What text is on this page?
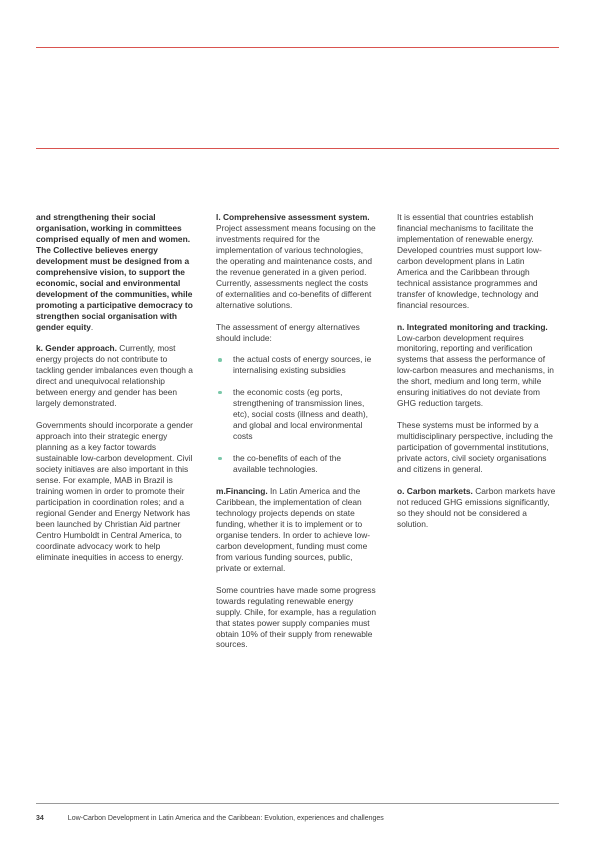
and strengthening their social organisation, working in committees comprised equally of men and women. The Collective believes energy development must be designed from a comprehensive vision, to support the economic, social and environmental development of the communities, while promoting a participative democracy to strengthen social organisation with gender equity.

k. Gender approach. Currently, most energy projects do not contribute to tackling gender imbalances even though a direct and unequivocal relationship between energy and gender has been largely demonstrated.

Governments should incorporate a gender approach into their strategic energy planning as a key factor towards sustainable low-carbon development. Civil society initiaves are also important in this sense. For example, MAB in Brazil is training women in order to promote their participation in coordination roles; and a regional Gender and Energy Network has been launched by Christian Aid partner Centro Humboldt in Central America, to coordinate advocacy work to help eliminate inequities in access to energy.

l. Comprehensive assessment system. Project assessment means focusing on the investments required for the implementation of various technologies, the operating and maintenance costs, and the revenue generated in a given period. Currently, assessments neglect the costs of externalities and co-benefits of different alternative solutions.

The assessment of energy alternatives should include:

the actual costs of energy sources, ie internalising existing subsidies
the economic costs (eg ports, strengthening of transmission lines, etc), social costs (illness and death), and global and local environmental costs
the co-benefits of each of the available technologies.

m.Financing. In Latin America and the Caribbean, the implementation of clean technology projects depends on state funding, whether it is to implement or to organise tenders. In order to achieve low-carbon development, funding must come from various funding sources, public, private or external.

Some countries have made some progress towards regulating renewable energy supply. Chile, for example, has a regulation that states power supply companies must obtain 10% of their supply from renewable sources.

It is essential that countries establish financial mechanisms to facilitate the implementation of renewable energy. Developed countries must support low-carbon development plans in Latin America and the Caribbean through technical assistance programmes and transfer of knowledge, technology and financial resources.

n. Integrated monitoring and tracking. Low-carbon development requires monitoring, reporting and verification systems that assess the performance of low-carbon measures and mechanisms, in the short, medium and long term, while ensuring initiatives do not deviate from GHG reduction targets.

These systems must be informed by a multidisciplinary perspective, including the participation of governmental institutions, private actors, civil society organisations and citizens in general.

o. Carbon markets. Carbon markets have not reduced GHG emissions significantly, so they should not be considered a solution.

34	Low-Carbon Development in Latin America and the Caribbean: Evolution, experiences and challenges
